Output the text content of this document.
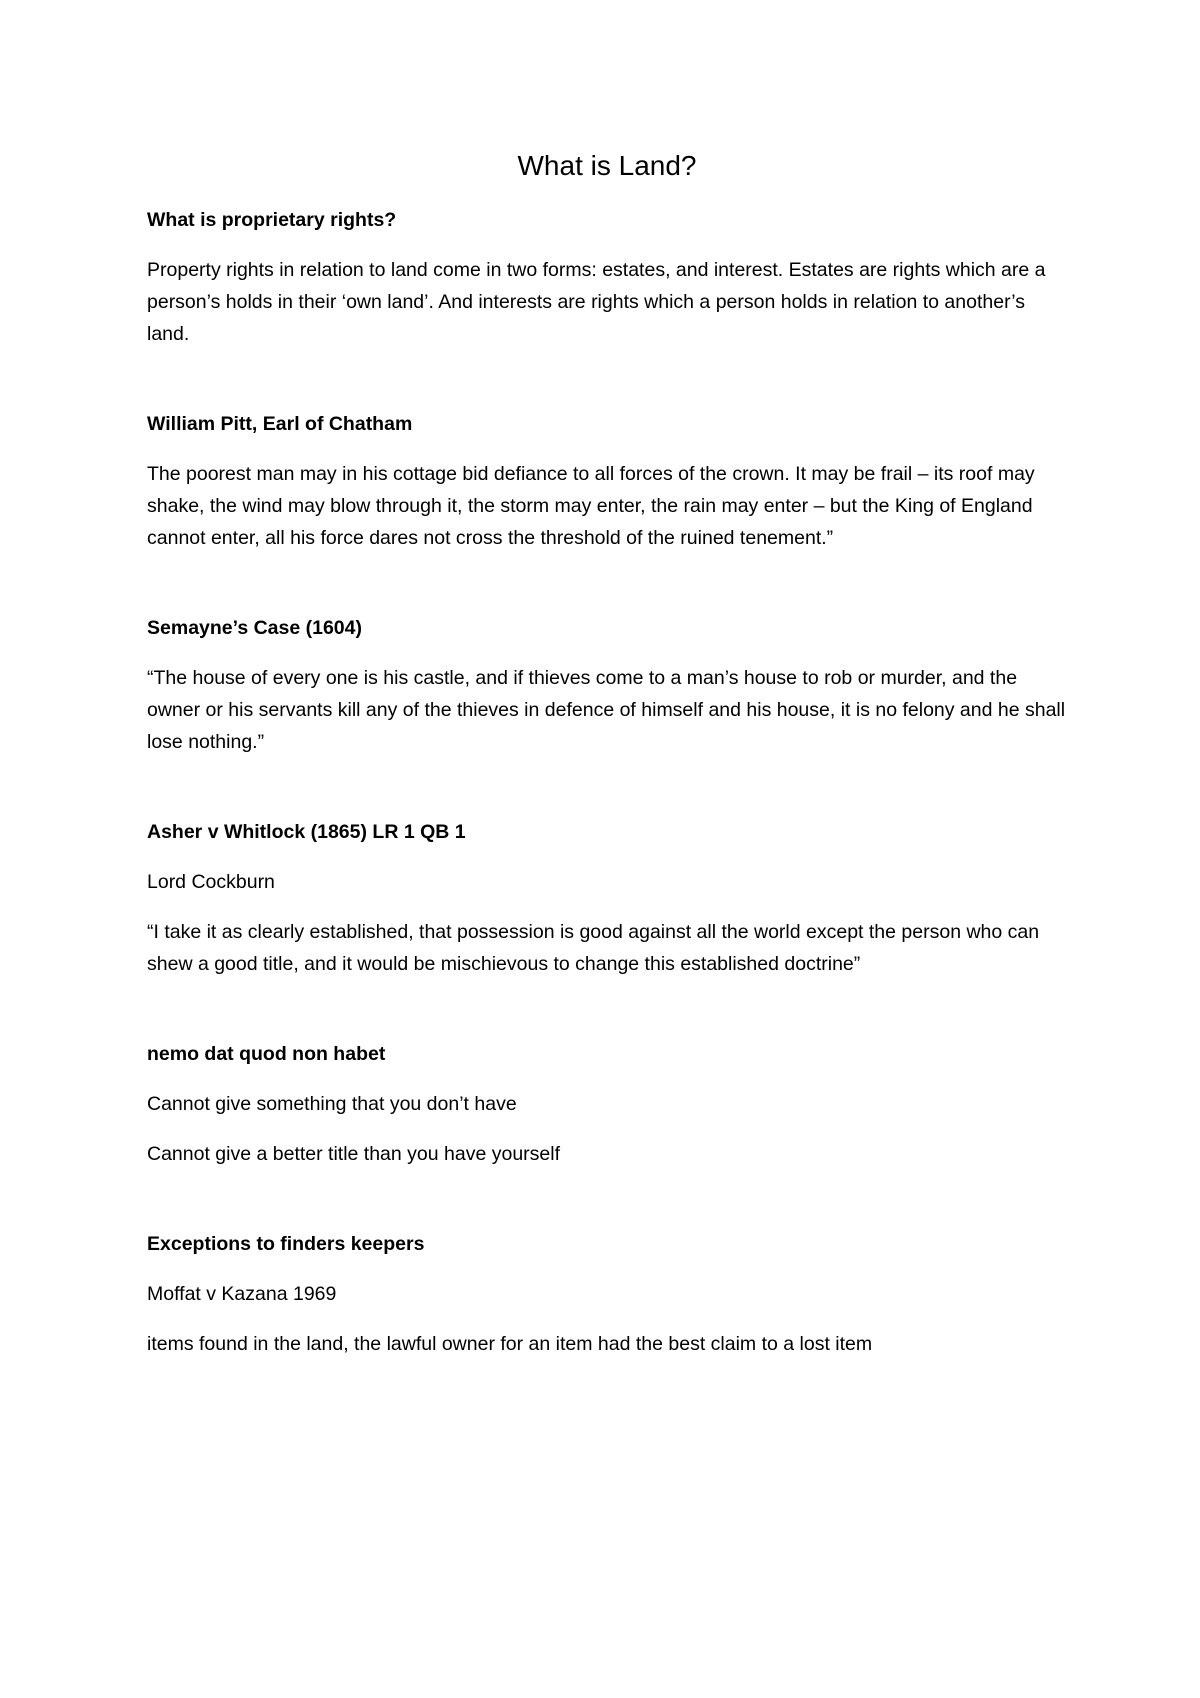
What is Land?
What is proprietary rights?

Property rights in relation to land come in two forms: estates, and interest. Estates are rights which are a person’s holds in their ‘own land’. And interests are rights which a person holds in relation to another’s land.

William Pitt, Earl of Chatham

The poorest man may in his cottage bid defiance to all forces of the crown. It may be frail – its roof may shake, the wind may blow through it, the storm may enter, the rain may enter – but the King of England cannot enter, all his force dares not cross the threshold of the ruined tenement.”

Semayne’s Case (1604)

“The house of every one is his castle, and if thieves come to a man’s house to rob or murder, and the owner or his servants kill any of the thieves in defence of himself and his house, it is no felony and he shall lose nothing.”

Asher v Whitlock (1865) LR 1 QB 1

Lord Cockburn

“I take it as clearly established, that possession is good against all the world except the person who can shew a good title, and it would be mischievous to change this established doctrine”

nemo dat quod non habet

Cannot give something that you don’t have

Cannot give a better title than you have yourself

Exceptions to finders keepers

Moffat v Kazana 1969

items found in the land, the lawful owner for an item had the best claim to a lost item
